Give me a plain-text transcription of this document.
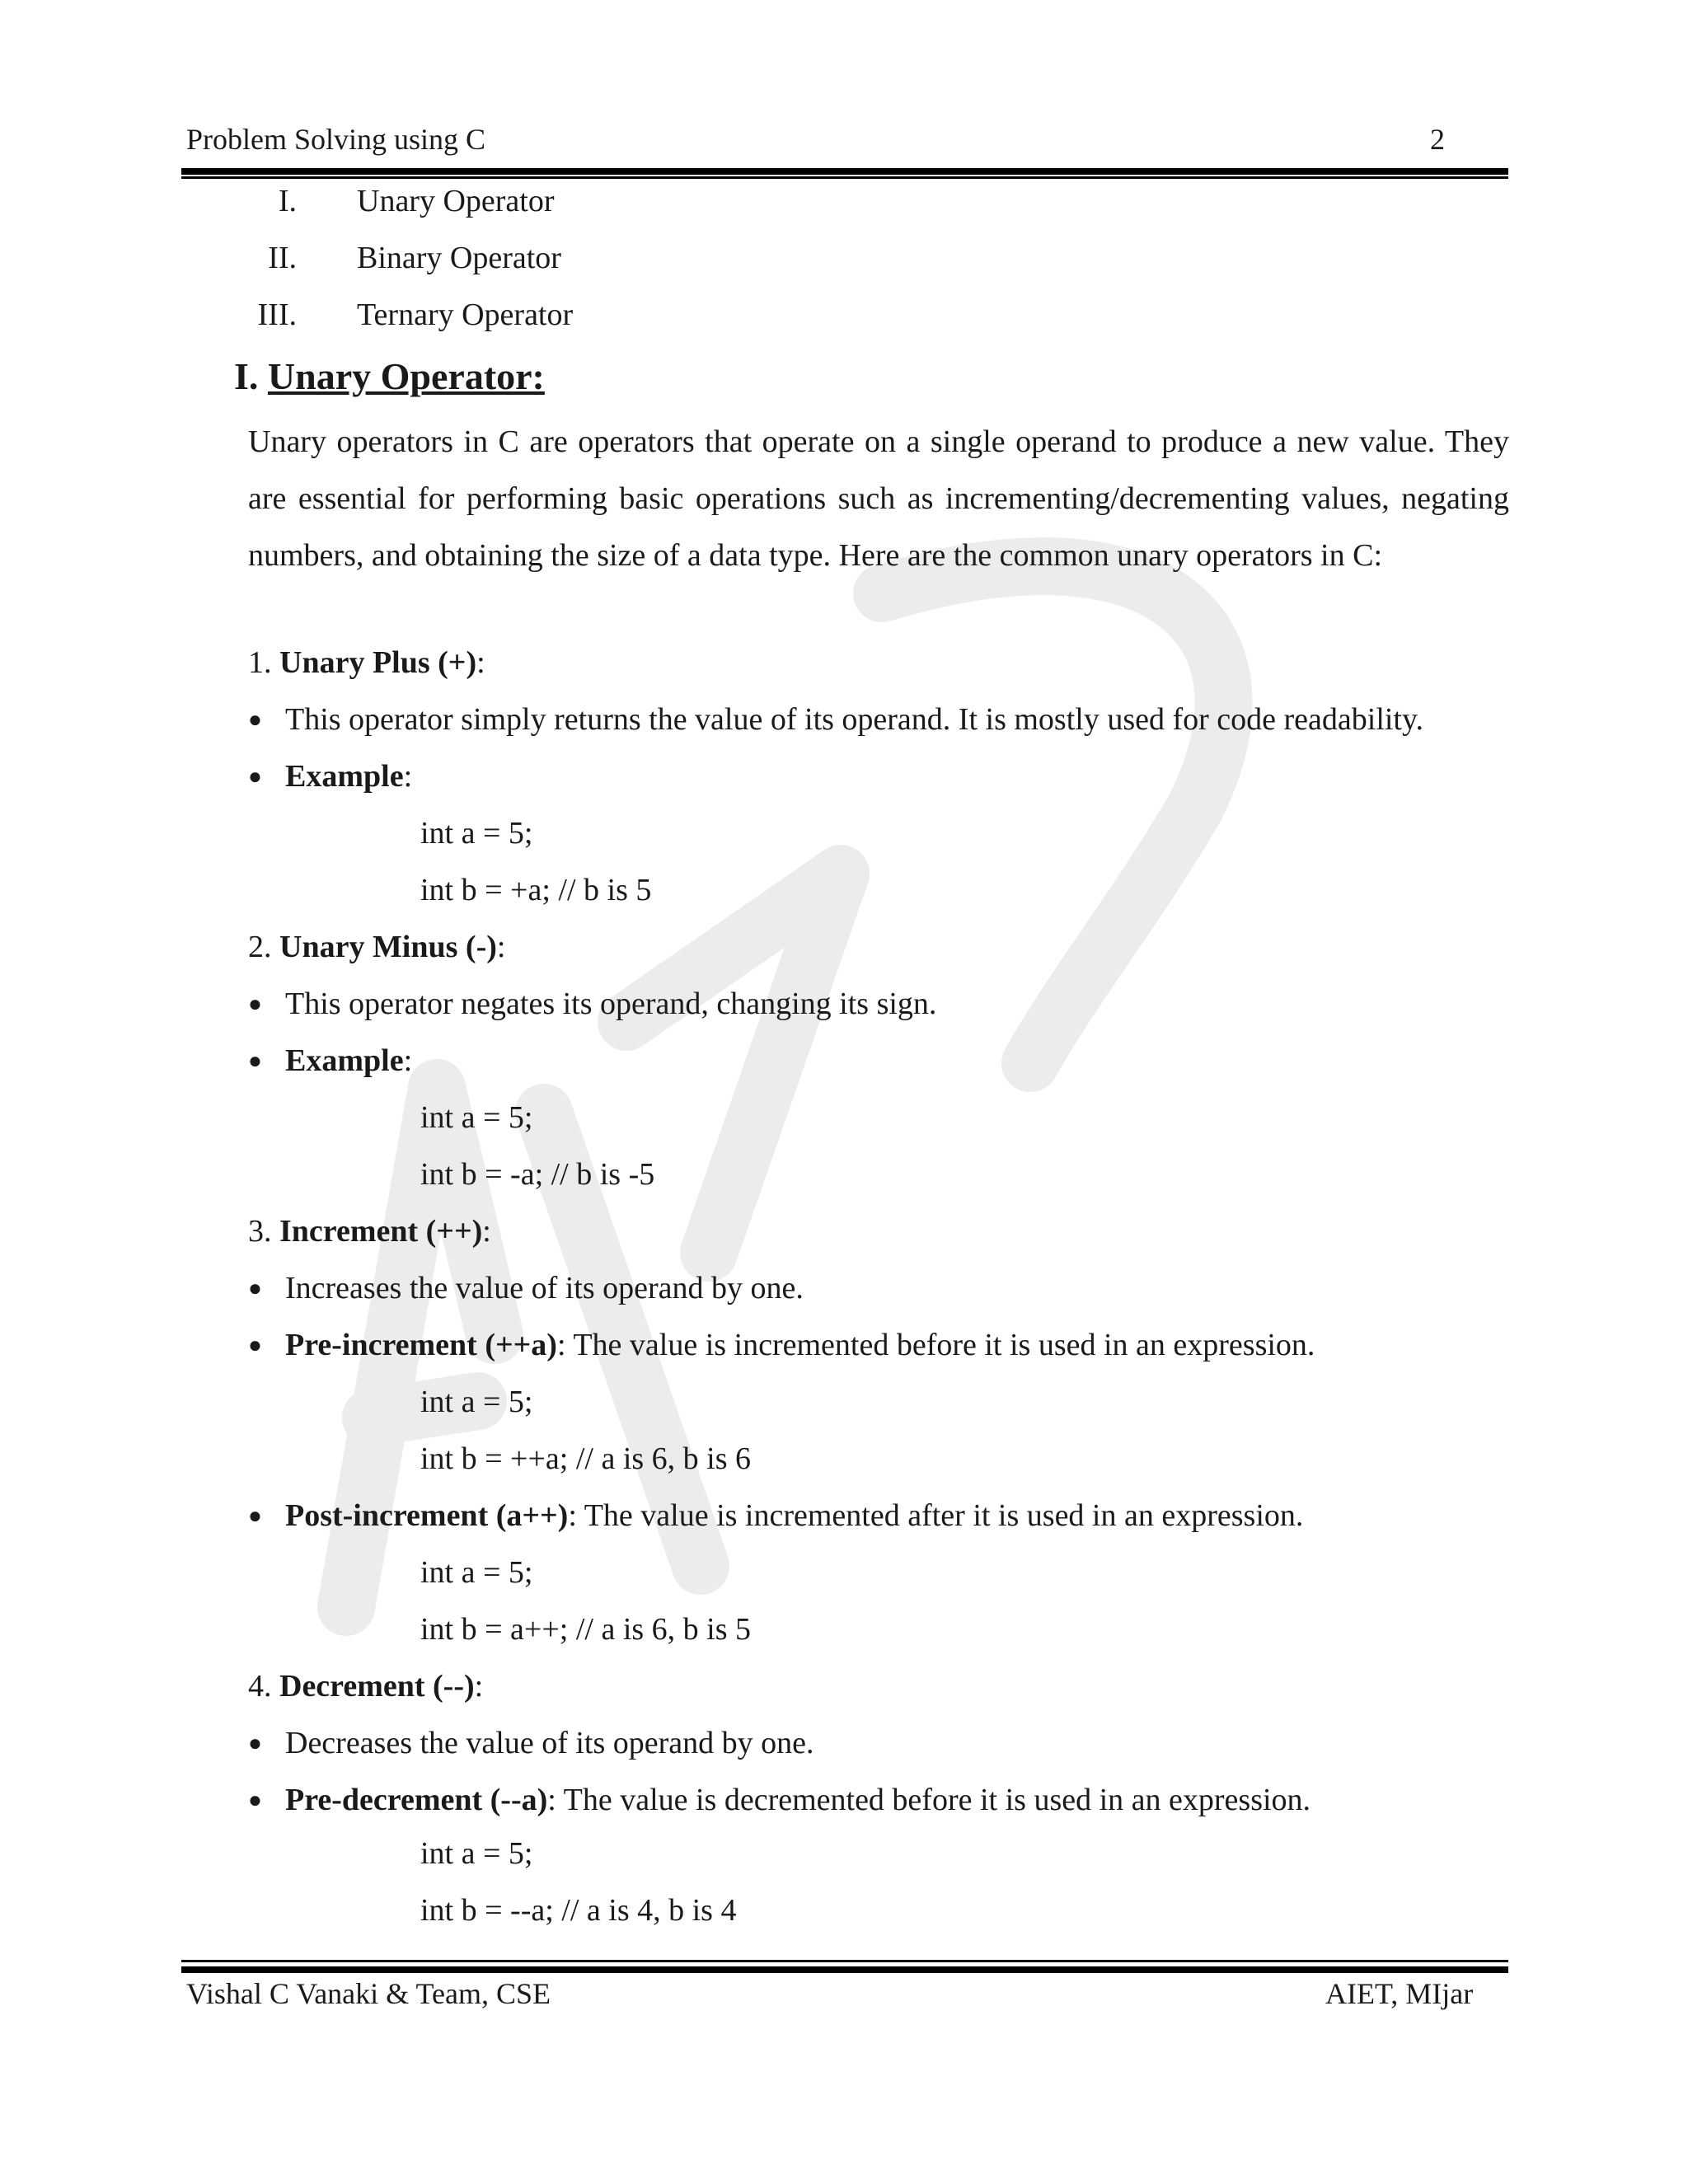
Problem Solving using C	2
I. Unary Operator
II. Binary Operator
III. Ternary Operator
I. Unary Operator:
Unary operators in C are operators that operate on a single operand to produce a new value. They are essential for performing basic operations such as incrementing/decrementing values, negating numbers, and obtaining the size of a data type. Here are the common unary operators in C:
1. Unary Plus (+):
● This operator simply returns the value of its operand. It is mostly used for code readability.
● Example:
int a = 5;
int b = +a; // b is 5
2. Unary Minus (-):
● This operator negates its operand, changing its sign.
● Example:
int a = 5;
int b = -a; // b is -5
3. Increment (++):
● Increases the value of its operand by one.
● Pre-increment (++a): The value is incremented before it is used in an expression.
int a = 5;
int b = ++a; // a is 6, b is 6
● Post-increment (a++): The value is incremented after it is used in an expression.
int a = 5;
int b = a++; // a is 6, b is 5
4. Decrement (--):
● Decreases the value of its operand by one.
● Pre-decrement (--a): The value is decremented before it is used in an expression.
int a = 5;
int b = --a; // a is 4, b is 4
Vishal C Vanaki & Team, CSE	AIET, MIjar
